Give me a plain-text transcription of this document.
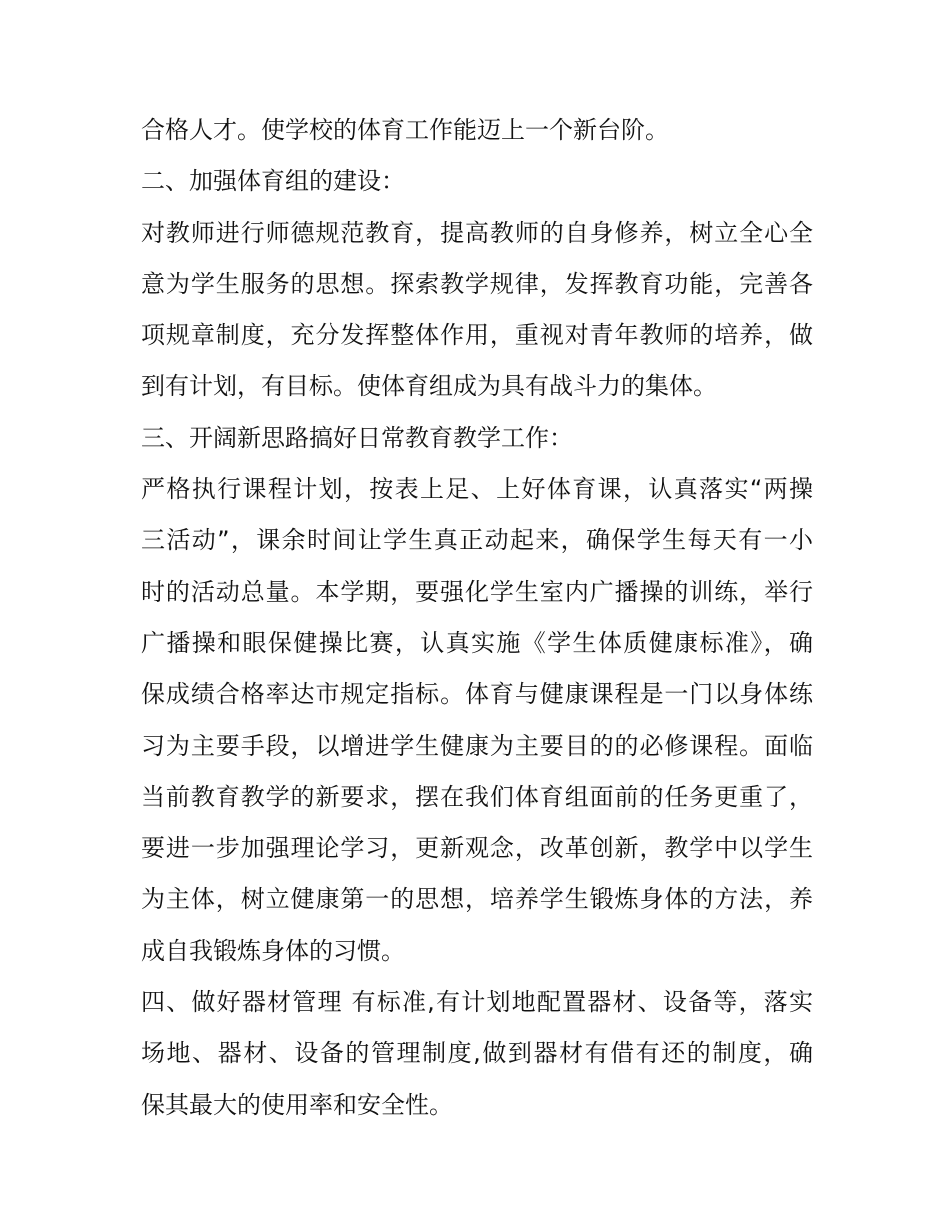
合格人才。使学校的体育工作能迈上一个新台阶。
二、加强体育组的建设：
对教师进行师德规范教育，提高教师的自身修养，树立全心全
意为学生服务的思想。探索教学规律，发挥教育功能，完善各
项规章制度，充分发挥整体作用，重视对青年教师的培养，做
到有计划，有目标。使体育组成为具有战斗力的集体。
三、开阔新思路搞好日常教育教学工作：
严格执行课程计划，按表上足、上好体育课，认真落实“两操
三活动”，课余时间让学生真正动起来，确保学生每天有一小
时的活动总量。本学期，要强化学生室内广播操的训练，举行
广播操和眼保健操比赛，认真实施《学生体质健康标准》，确
保成绩合格率达市规定指标。体育与健康课程是一门以身体练
习为主要手段，以增进学生健康为主要目的的必修课程。面临
当前教育教学的新要求，摆在我们体育组面前的任务更重了，
要进一步加强理论学习，更新观念，改革创新，教学中以学生
为主体，树立健康第一的思想，培养学生锻炼身体的方法，养
成自我锻炼身体的习惯。
四、做好器材管理 有标准,有计划地配置器材、设备等，落实
场地、器材、设备的管理制度,做到器材有借有还的制度，确
保其最大的使用率和安全性。
